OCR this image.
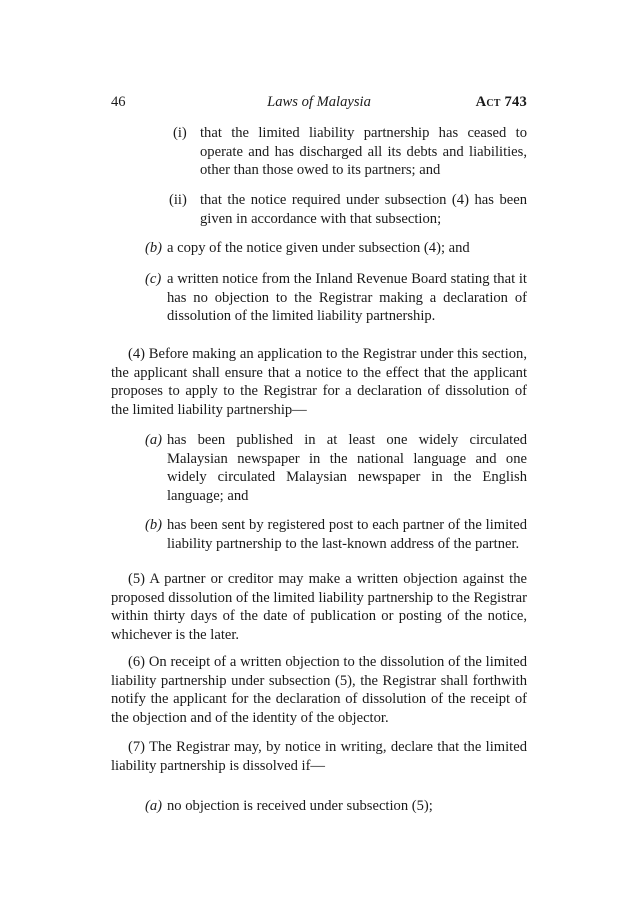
46	Laws of Malaysia	Act 743
(i) that the limited liability partnership has ceased to operate and has discharged all its debts and liabilities, other than those owed to its partners; and
(ii) that the notice required under subsection (4) has been given in accordance with that subsection;
(b) a copy of the notice given under subsection (4); and
(c) a written notice from the Inland Revenue Board stating that it has no objection to the Registrar making a declaration of dissolution of the limited liability partnership.

(4) Before making an application to the Registrar under this section, the applicant shall ensure that a notice to the effect that the applicant proposes to apply to the Registrar for a declaration of dissolution of the limited liability partnership—

(a) has been published in at least one widely circulated Malaysian newspaper in the national language and one widely circulated Malaysian newspaper in the English language; and
(b) has been sent by registered post to each partner of the limited liability partnership to the last-known address of the partner.

(5) A partner or creditor may make a written objection against the proposed dissolution of the limited liability partnership to the Registrar within thirty days of the date of publication or posting of the notice, whichever is the later.

(6) On receipt of a written objection to the dissolution of the limited liability partnership under subsection (5), the Registrar shall forthwith notify the applicant for the declaration of dissolution of the receipt of the objection and of the identity of the objector.

(7) The Registrar may, by notice in writing, declare that the limited liability partnership is dissolved if—

(a) no objection is received under subsection (5);
